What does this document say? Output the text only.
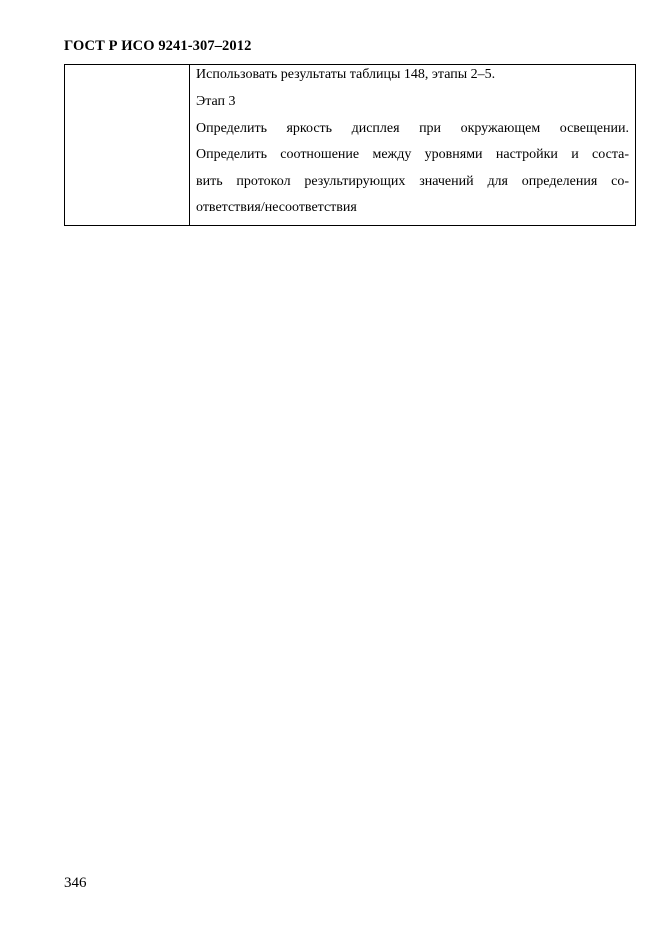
ГОСТ Р ИСО 9241-307–2012

Использовать результаты таблицы 148, этапы 2–5.
Этап 3
Определить яркость дисплея при окружающем освещении.
Определить соотношение между уровнями настройки и соста-
вить протокол результирующих значений для определения со-
ответствия/несоответствия
346
